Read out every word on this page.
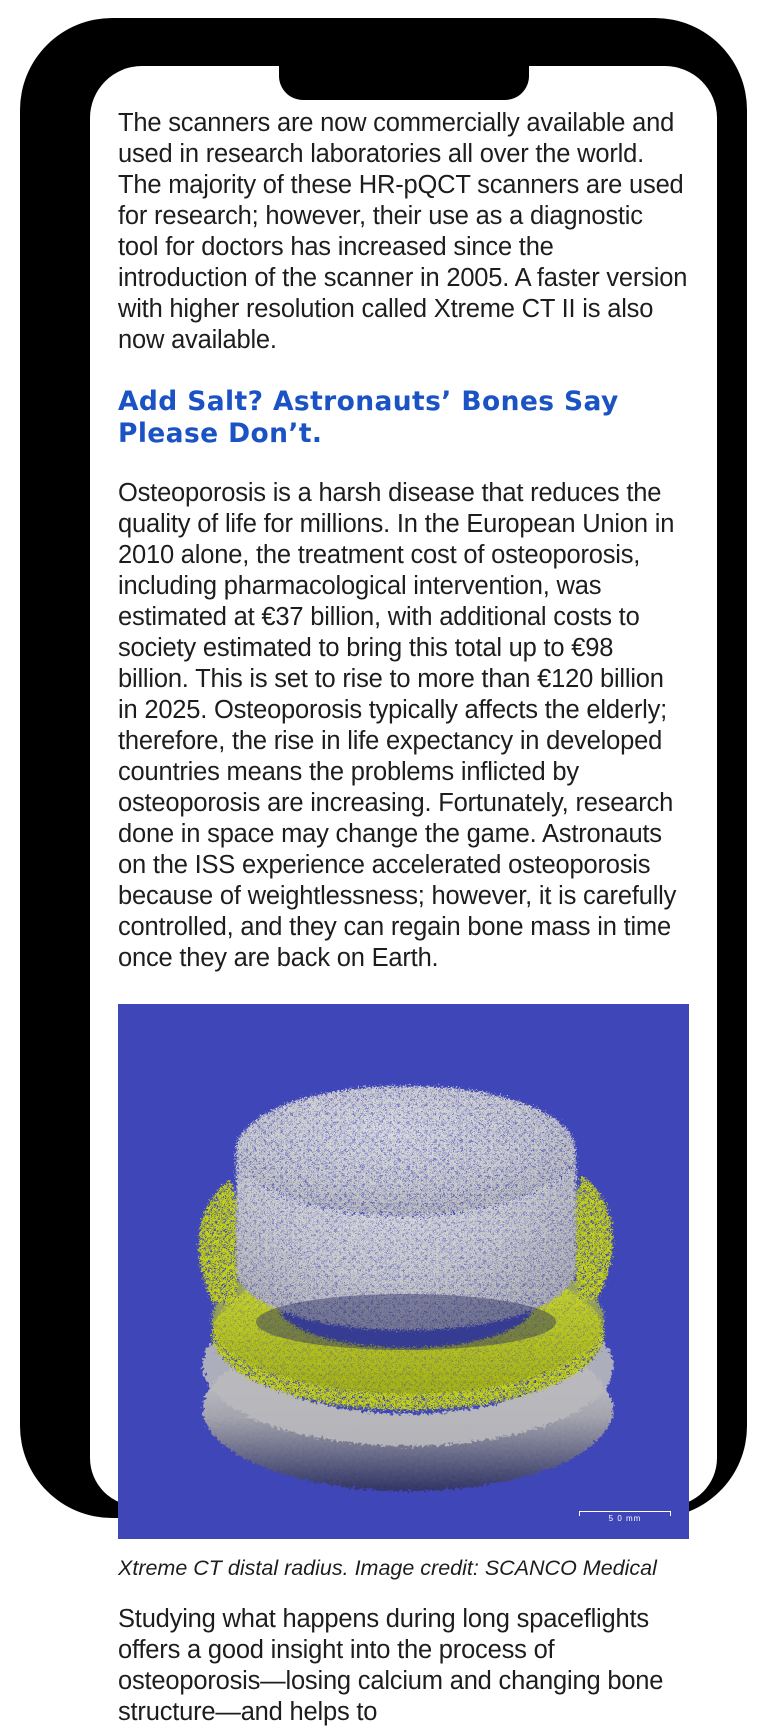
The scanners are now commercially available and used in research laboratories all over the world. The majority of these HR-pQCT scanners are used for research; however, their use as a diagnostic tool for doctors has increased since the introduction of the scanner in 2005. A faster version with higher resolution called Xtreme CT II is also now available.

Add Salt? Astronauts’ Bones Say Please Don’t.

Osteoporosis is a harsh disease that reduces the quality of life for millions. In the European Union in 2010 alone, the treatment cost of osteoporosis, including pharmacological intervention, was estimated at €37 billion, with additional costs to society estimated to bring this total up to €98 billion. This is set to rise to more than €120 billion in 2025. Osteoporosis typically affects the elderly; therefore, the rise in life expectancy in developed countries means the problems inflicted by osteoporosis are increasing. Fortunately, research done in space may change the game. Astronauts on the ISS experience accelerated osteoporosis because of weightlessness; however, it is carefully controlled, and they can regain bone mass in time once they are back on Earth.

5 0 mm
Xtreme CT distal radius. Image credit: SCANCO Medical

Studying what happens during long spaceflights offers a good insight into the process of osteoporosis—losing calcium and changing bone structure—and helps to
